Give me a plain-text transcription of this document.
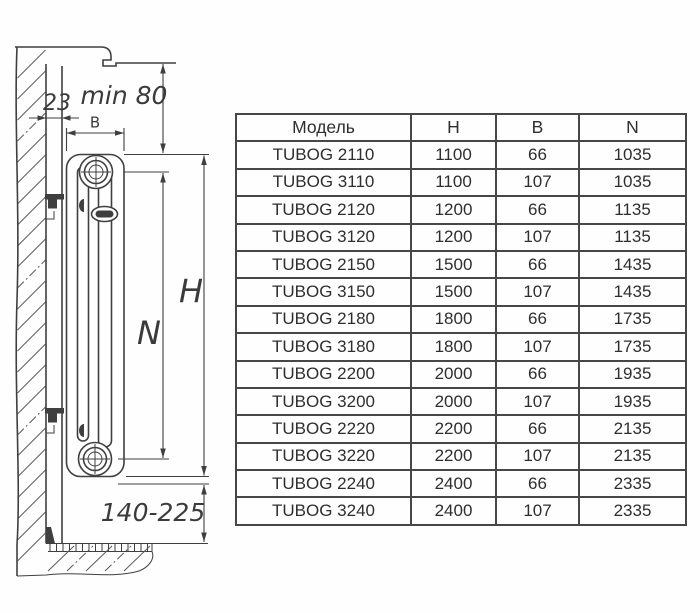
23 min 80
B
N
H
140-225
Модель	H	B	N
TUBOG 2110	1100	66	1035
TUBOG 3110	1100	107	1035
TUBOG 2120	1200	66	1135
TUBOG 3120	1200	107	1135
TUBOG 2150	1500	66	1435
TUBOG 3150	1500	107	1435
TUBOG 2180	1800	66	1735
TUBOG 3180	1800	107	1735
TUBOG 2200	2000	66	1935
TUBOG 3200	2000	107	1935
TUBOG 2220	2200	66	2135
TUBOG 3220	2200	107	2135
TUBOG 2240	2400	66	2335
TUBOG 3240	2400	107	2335
